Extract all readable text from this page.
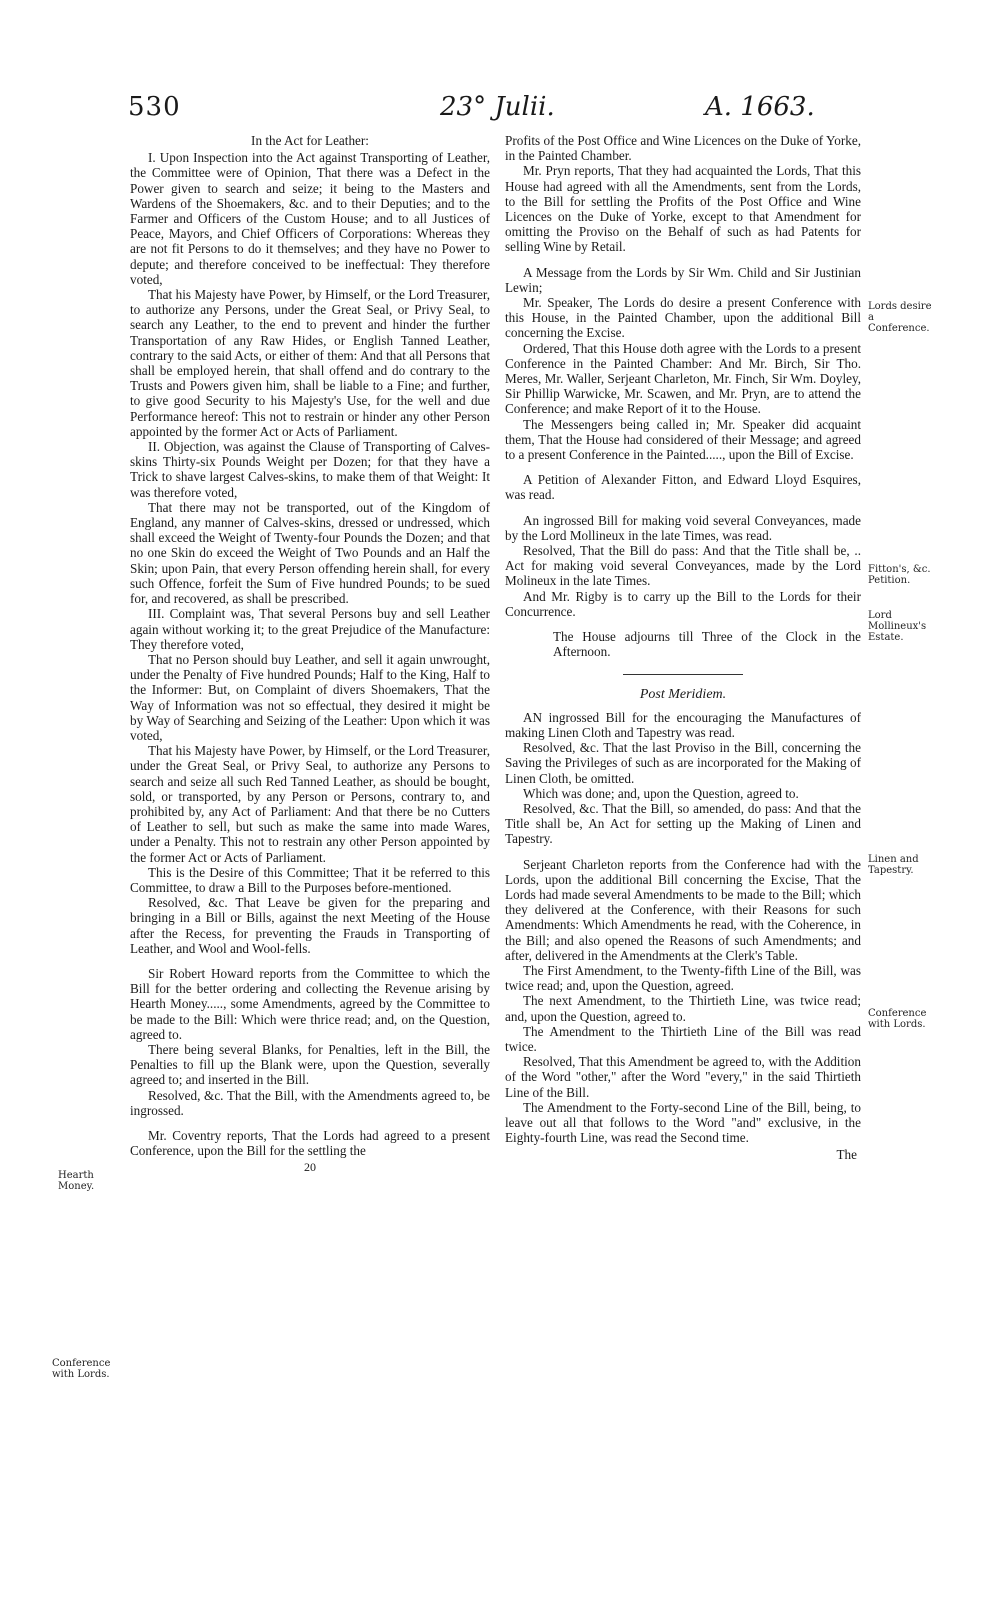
530	23° Julii.	A. 1663.

In the Act for Leather:

I. Upon Inspection into the Act against Transporting of Leather, the Committee were of Opinion, That there was a Defect in the Power given to search and seize; it being to the Masters and Wardens of the Shoemakers, &c. and to their Deputies; and to the Farmer and Officers of the Custom House; and to all Justices of Peace, Mayors, and Chief Officers of Corporations: Whereas they are not fit Persons to do it themselves; and they have no Power to depute; and therefore conceived to be ineffectual: They therefore voted,

That his Majesty have Power, by Himself, or the Lord Treasurer, to authorize any Persons, under the Great Seal, or Privy Seal, to search any Leather, to the end to prevent and hinder the further Transportation of any Raw Hides, or English Tanned Leather, contrary to the said Acts, or either of them: And that all Persons that shall be employed herein, that shall offend and do contrary to the Trusts and Powers given him, shall be liable to a Fine; and further, to give good Security to his Majesty's Use, for the well and due Performance hereof: This not to restrain or hinder any other Person appointed by the former Act or Acts of Parliament.

II. Objection, was against the Clause of Transporting of Calves-skins Thirty-six Pounds Weight per Dozen; for that they have a Trick to shave largest Calves-skins, to make them of that Weight: It was therefore voted,

That there may not be transported, out of the Kingdom of England, any manner of Calves-skins, dressed or undressed, which shall exceed the Weight of Twenty-four Pounds the Dozen; and that no one Skin do exceed the Weight of Two Pounds and an Half the Skin; upon Pain, that every Person offending herein shall, for every such Offence, forfeit the Sum of Five hundred Pounds; to be sued for, and recovered, as shall be prescribed.

III. Complaint was, That several Persons buy and sell Leather again without working it; to the great Prejudice of the Manufacture: They therefore voted,

That no Person should buy Leather, and sell it again unwrought, under the Penalty of Five hundred Pounds; Half to the King, Half to the Informer: But, on Complaint of divers Shoemakers, That the Way of Information was not so effectual, they desired it might be by Way of Searching and Seizing of the Leather: Upon which it was voted,

That his Majesty have Power, by Himself, or the Lord Treasurer, under the Great Seal, or Privy Seal, to authorize any Persons to search and seize all such Red Tanned Leather, as should be bought, sold, or transported, by any Person or Persons, contrary to, and prohibited by, any Act of Parliament: And that there be no Cutters of Leather to sell, but such as make the same into made Wares, under a Penalty. This not to restrain any other Person appointed by the former Act or Acts of Parliament.

This is the Desire of this Committee; That it be referred to this Committee, to draw a Bill to the Purposes before-mentioned.

Resolved, &c. That Leave be given for the preparing and bringing in a Bill or Bills, against the next Meeting of the House after the Recess, for preventing the Frauds in Transporting of Leather, and Wool and Wool-fells.

Sir Robert Howard reports from the Committee to which the Bill for the better ordering and collecting the Revenue arising by Hearth Money....., some Amendments, agreed by the Committee to be made to the Bill: Which were thrice read; and, on the Question, agreed to.

There being several Blanks, for Penalties, left in the Bill, the Penalties to fill up the Blank were, upon the Question, severally agreed to; and inserted in the Bill.

Resolved, &c. That the Bill, with the Amendments agreed to, be ingrossed.

Mr. Coventry reports, That the Lords had agreed to a present Conference, upon the Bill for the settling the

20

Profits of the Post Office and Wine Licences on the Duke of Yorke, in the Painted Chamber.

Mr. Pryn reports, That they had acquainted the Lords, That this House had agreed with all the Amendments, sent from the Lords, to the Bill for settling the Profits of the Post Office and Wine Licences on the Duke of Yorke, except to that Amendment for omitting the Proviso on the Behalf of such as had Patents for selling Wine by Retail.

A Message from the Lords by Sir Wm. Child and Sir Justinian Lewin;

Mr. Speaker, The Lords do desire a present Conference with this House, in the Painted Chamber, upon the additional Bill concerning the Excise.

Ordered, That this House doth agree with the Lords to a present Conference in the Painted Chamber: And Mr. Birch, Sir Tho. Meres, Mr. Waller, Serjeant Charleton, Mr. Finch, Sir Wm. Doyley, Sir Phillip Warwicke, Mr. Scawen, and Mr. Pryn, are to attend the Conference; and make Report of it to the House.

The Messengers being called in; Mr. Speaker did acquaint them, That the House had considered of their Message; and agreed to a present Conference in the Painted....., upon the Bill of Excise.

A Petition of Alexander Fitton, and Edward Lloyd Esquires, was read.

An ingrossed Bill for making void several Conveyances, made by the Lord Mollineux in the late Times, was read.

Resolved, That the Bill do pass: And that the Title shall be, .. Act for making void several Conveyances, made by the Lord Molineux in the late Times.

And Mr. Rigby is to carry up the Bill to the Lords for their Concurrence.

The House adjourns till Three of the Clock in the Afternoon.

Post Meridiem.

AN ingrossed Bill for the encouraging the Manufactures of making Linen Cloth and Tapestry was read.

Resolved, &c. That the last Proviso in the Bill, concerning the Saving the Privileges of such as are incorporated for the Making of Linen Cloth, be omitted.

Which was done; and, upon the Question, agreed to.

Resolved, &c. That the Bill, so amended, do pass: And that the Title shall be, An Act for setting up the Making of Linen and Tapestry.

Serjeant Charleton reports from the Conference had with the Lords, upon the additional Bill concerning the Excise, That the Lords had made several Amendments to be made to the Bill; which they delivered at the Conference, with their Reasons for such Amendments: Which Amendments he read, with the Coherence, in the Bill; and also opened the Reasons of such Amendments; and after, delivered in the Amendments at the Clerk's Table.

The First Amendment, to the Twenty-fifth Line of the Bill, was twice read; and, upon the Question, agreed.

The next Amendment, to the Thirtieth Line, was twice read; and, upon the Question, agreed to.

The Amendment to the Thirtieth Line of the Bill was read twice.

Resolved, That this Amendment be agreed to, with the Addition of the Word "other," after the Word "every," in the said Thirtieth Line of the Bill.

The Amendment to the Forty-second Line of the Bill, being, to leave out all that follows to the Word "and" exclusive, in the Eighty-fourth Line, was read the Second time.

The

Hearth Money.
Conference with Lords.
Lords desire a Conference.
Fitton's, &c. Petition.
Lord Mollineux's Estate.
Linen and Tapestry.
Conference with Lords.
